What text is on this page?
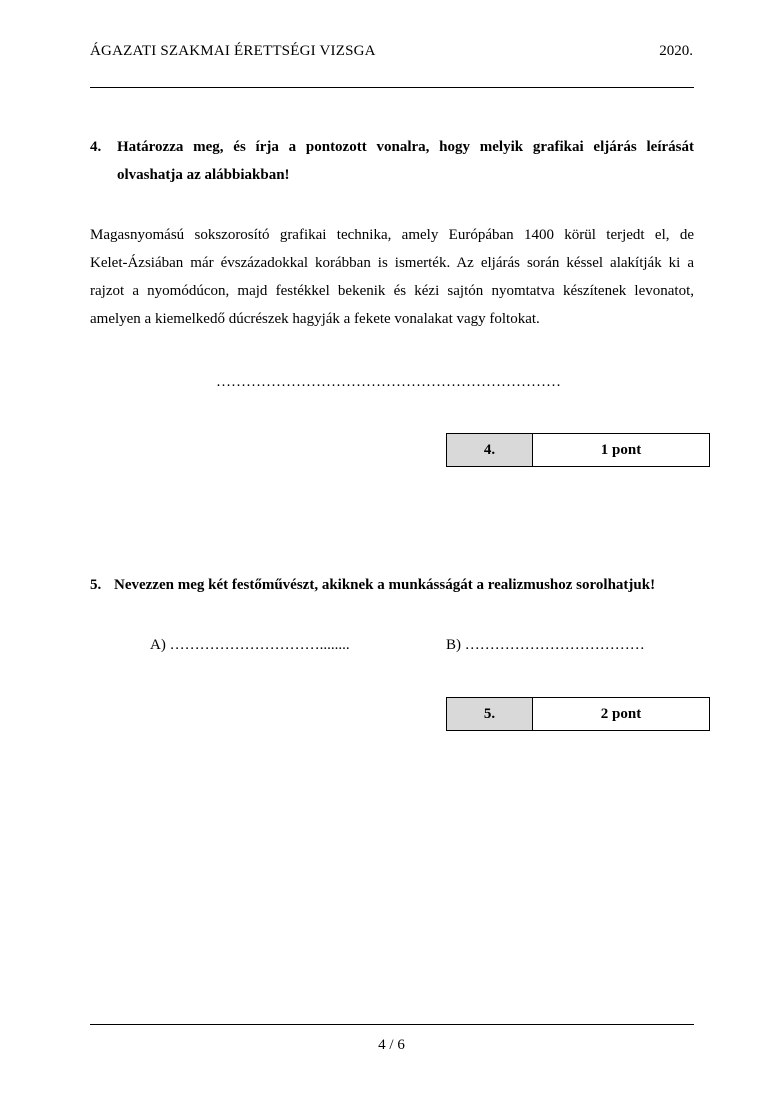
ÁGAZATI SZAKMAI ÉRETTSÉGI VIZSGA	2020.
4. Határozza meg, és írja a pontozott vonalra, hogy melyik grafikai eljárás leírását
olvashatja az alábbiakban!
Magasnyomású sokszorosító grafikai technika, amely Európában 1400 körül terjedt el, de
Kelet-Ázsiában már évszázadokkal korábban is ismerték. Az eljárás során késsel alakítják ki a
rajzot a nyomódúcon, majd festékkel bekenik és kézi sajtón nyomtatva készítenek levonatot,
amelyen a kiemelkedő dúcrészek hagyják a fekete vonalakat vagy foltokat.
……………………………………………………………
4.	1 pont
5. Nevezzen meg két festőművészt, akiknek a munkásságát a realizmushoz sorolhatjuk!
A) …………………………........	B) ………………………………
5.	2 pont
4 / 6
